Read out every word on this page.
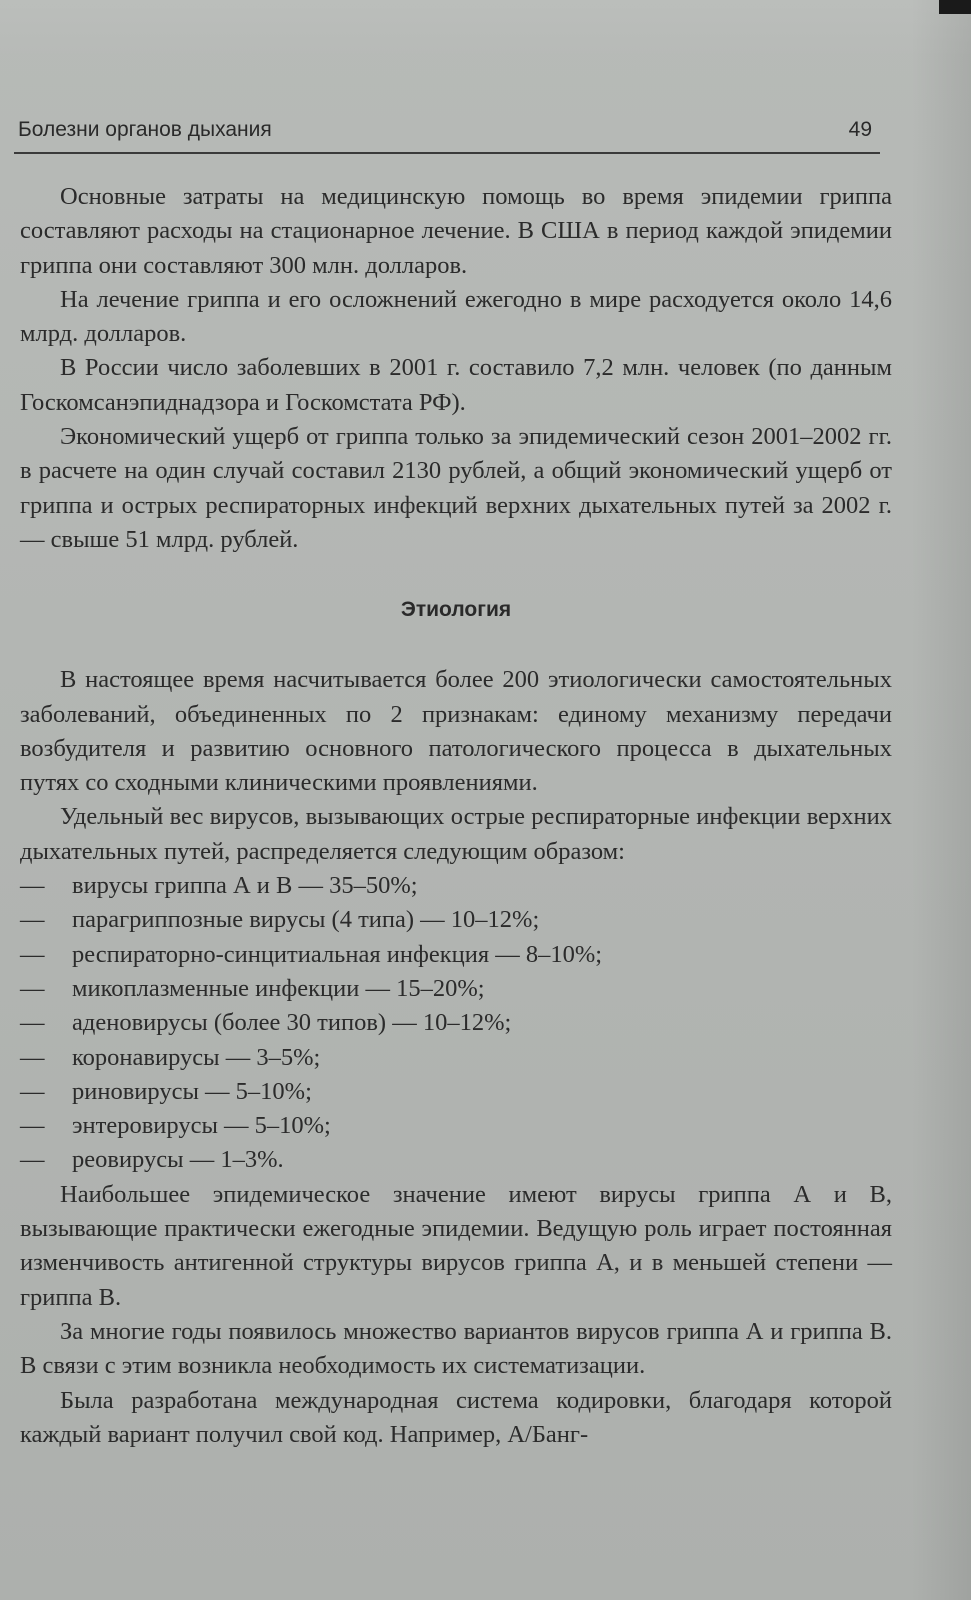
Болезни органов дыхания	49

Основные затраты на медицинскую помощь во время эпидемии гриппа составляют расходы на стационарное лечение. В США в период каждой эпидемии гриппа они составляют 300 млн. долларов.

На лечение гриппа и его осложнений ежегодно в мире расходуется около 14,6 млрд. долларов.

В России число заболевших в 2001 г. составило 7,2 млн. человек (по данным Госкомсанэпиднадзора и Госкомстата РФ).

Экономический ущерб от гриппа только за эпидемический сезон 2001–2002 гг. в расчете на один случай составил 2130 рублей, а общий экономический ущерб от гриппа и острых респираторных инфекций верхних дыхательных путей за 2002 г. — свыше 51 млрд. рублей.

Этиология

В настоящее время насчитывается более 200 этиологически самостоятельных заболеваний, объединенных по 2 признакам: единому механизму передачи возбудителя и развитию основного патологического процесса в дыхательных путях со сходными клиническими проявлениями.

Удельный вес вирусов, вызывающих острые респираторные инфекции верхних дыхательных путей, распределяется следующим образом:

— вирусы гриппа А и В — 35–50%;
— парагриппозные вирусы (4 типа) — 10–12%;
— респираторно-синцитиальная инфекция — 8–10%;
— микоплазменные инфекции — 15–20%;
— аденовирусы (более 30 типов) — 10–12%;
— коронавирусы — 3–5%;
— риновирусы — 5–10%;
— энтеровирусы — 5–10%;
— реовирусы — 1–3%.

Наибольшее эпидемическое значение имеют вирусы гриппа А и В, вызывающие практически ежегодные эпидемии. Ведущую роль играет постоянная изменчивость антигенной структуры вирусов гриппа А, и в меньшей степени — гриппа В.

За многие годы появилось множество вариантов вирусов гриппа А и гриппа В. В связи с этим возникла необходимость их систематизации.

Была разработана международная система кодировки, благодаря которой каждый вариант получил свой код. Например, А/Банг-
